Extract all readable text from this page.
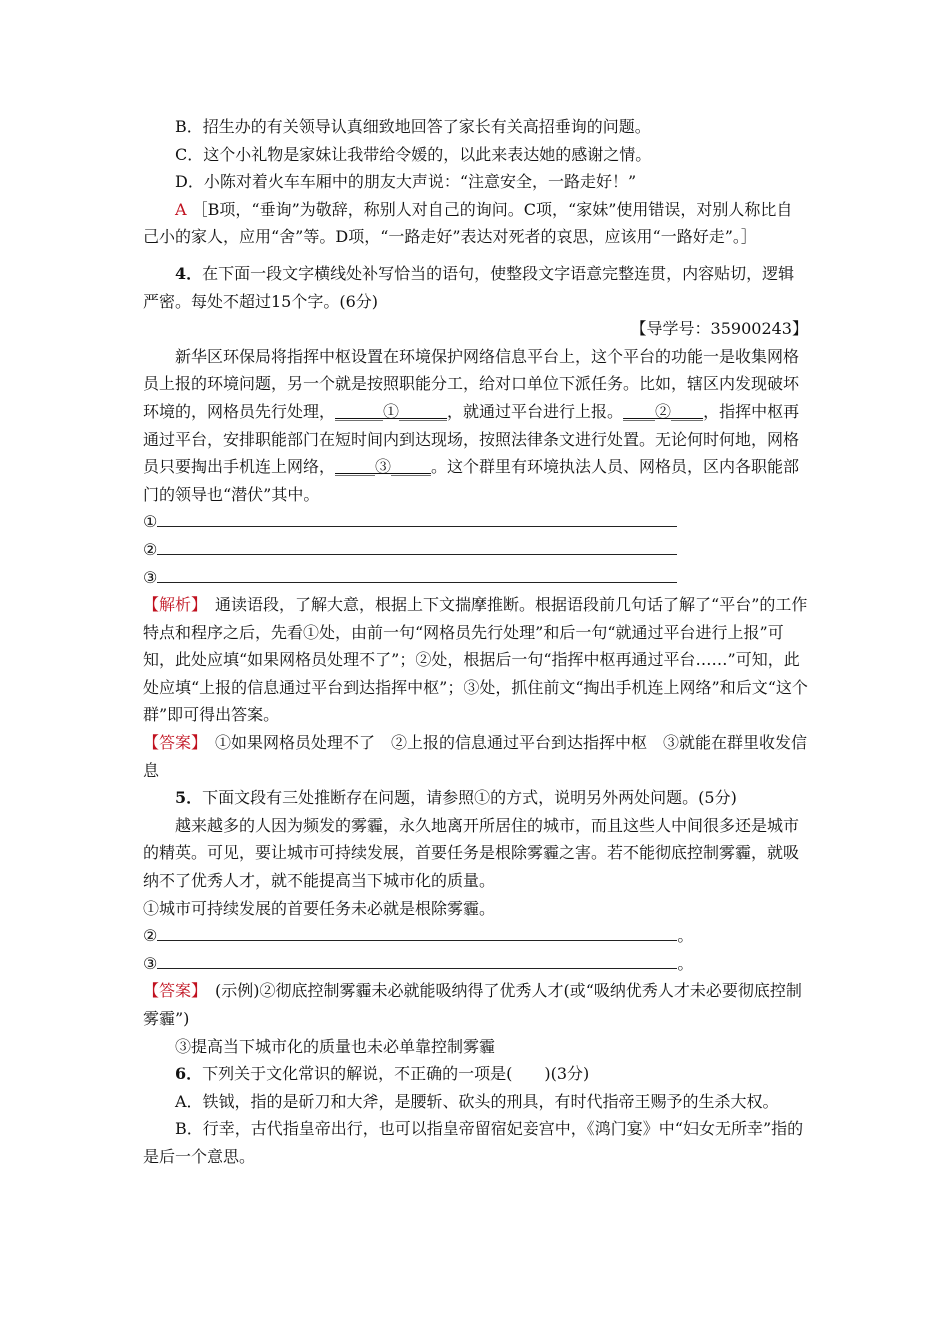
B．招生办的有关领导认真细致地回答了家长有关高招垂询的问题。

C．这个小礼物是家妹让我带给令媛的，以此来表达她的感谢之情。

D．小陈对着火车车厢中的朋友大声说：“注意安全，一路走好！”

A ［B项，“垂询”为敬辞，称别人对自己的询问。C项，“家妹”使用错误，对别人称比自己小的家人，应用“舍”等。D项，“一路走好”表达对死者的哀思，应该用“一路好走”。］

4．在下面一段文字横线处补写恰当的语句，使整段文字语意完整连贯，内容贴切，逻辑严密。每处不超过15个字。(6分)

【导学号：35900243】

新华区环保局将指挥中枢设置在环境保护网络信息平台上，这个平台的功能一是收集网格员上报的环境问题，另一个就是按照职能分工，给对口单位下派任务。比如，辖区内发现破坏环境的，网格员先行处理，______①______，就通过平台进行上报。____②____，指挥中枢再通过平台，安排职能部门在短时间内到达现场，按照法律条文进行处置。无论何时何地，网格员只要掏出手机连上网络，_____③_____。这个群里有环境执法人员、网格员，区内各职能部门的领导也“潜伏”其中。

①
②
③

【解析】　通读语段，了解大意，根据上下文揣摩推断。根据语段前几句话了解了“平台”的工作特点和程序之后，先看①处，由前一句“网格员先行处理”和后一句“就通过平台进行上报”可知，此处应填“如果网格员处理不了”；②处，根据后一句“指挥中枢再通过平台……”可知，此处应填“上报的信息通过平台到达指挥中枢”；③处，抓住前文“掏出手机连上网络”和后文“这个群”即可得出答案。

【答案】　①如果网格员处理不了　②上报的信息通过平台到达指挥中枢　③就能在群里收发信息

5．下面文段有三处推断存在问题，请参照①的方式，说明另外两处问题。(5分)

越来越多的人因为频发的雾霾，永久地离开所居住的城市，而且这些人中间很多还是城市的精英。可见，要让城市可持续发展，首要任务是根除雾霾之害。若不能彻底控制雾霾，就吸纳不了优秀人才，就不能提高当下城市化的质量。

①城市可持续发展的首要任务未必就是根除雾霾。

②	。
③	。

【答案】　(示例)②彻底控制雾霾未必就能吸纳得了优秀人才(或“吸纳优秀人才未必要彻底控制雾霾”)

③提高当下城市化的质量也未必单靠控制雾霾

6．下列关于文化常识的解说，不正确的一项是(　　)(3分)

A．铁钺，指的是斫刀和大斧，是腰斩、砍头的刑具，有时代指帝王赐予的生杀大权。

B．行幸，古代指皇帝出行，也可以指皇帝留宿妃妾宫中，《鸿门宴》中“妇女无所幸”指的是后一个意思。
